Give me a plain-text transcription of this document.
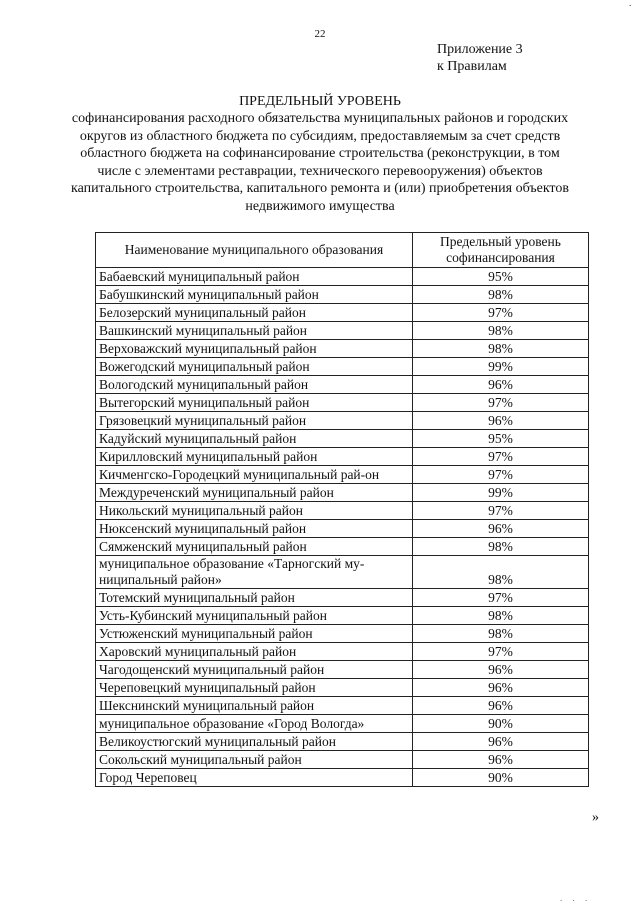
·
22
Приложение 3
к Правилам
ПРЕДЕЛЬНЫЙ УРОВЕНЬ
софинансирования расходного обязательства муниципальных районов и городских округов из областного бюджета по субсидиям, предоставляемым за счет средств областного бюджета на софинансирование строительства (реконструкции, в том числе с элементами реставрации, технического перевооружения) объектов капитального строительства, капитального ремонта и (или) приобретения объектов недвижимого имущества
Наименование муниципального образования	Предельный уровень софинансирования
Бабаевский муниципальный район	95%
Бабушкинский муниципальный район	98%
Белозерский муниципальный район	97%
Вашкинский муниципальный район	98%
Верховажский муниципальный район	98%
Вожегодский муниципальный район	99%
Вологодский муниципальный район	96%
Вытегорский муниципальный район	97%
Грязовецкий муниципальный район	96%
Кадуйский муниципальный район	95%
Кирилловский муниципальный район	97%
Кичменгско-Городецкий муниципальный рай-он	97%
Междуреченский муниципальный район	99%
Никольский муниципальный район	97%
Нюксенский муниципальный район	96%
Сямженский муниципальный район	98%
муниципальное образование «Тарногский му-ниципальный район»	98%
Тотемский муниципальный район	97%
Усть-Кубинский муниципальный район	98%
Устюженский муниципальный район	98%
Харовский муниципальный район	97%
Чагодощенский муниципальный район	96%
Череповецкий муниципальный район	96%
Шекснинский муниципальный район	96%
муниципальное образование «Город Вологда»	90%
Великоустюгский муниципальный район	96%
Сокольский муниципальный район	96%
Город Череповец	90%
»
. . .
